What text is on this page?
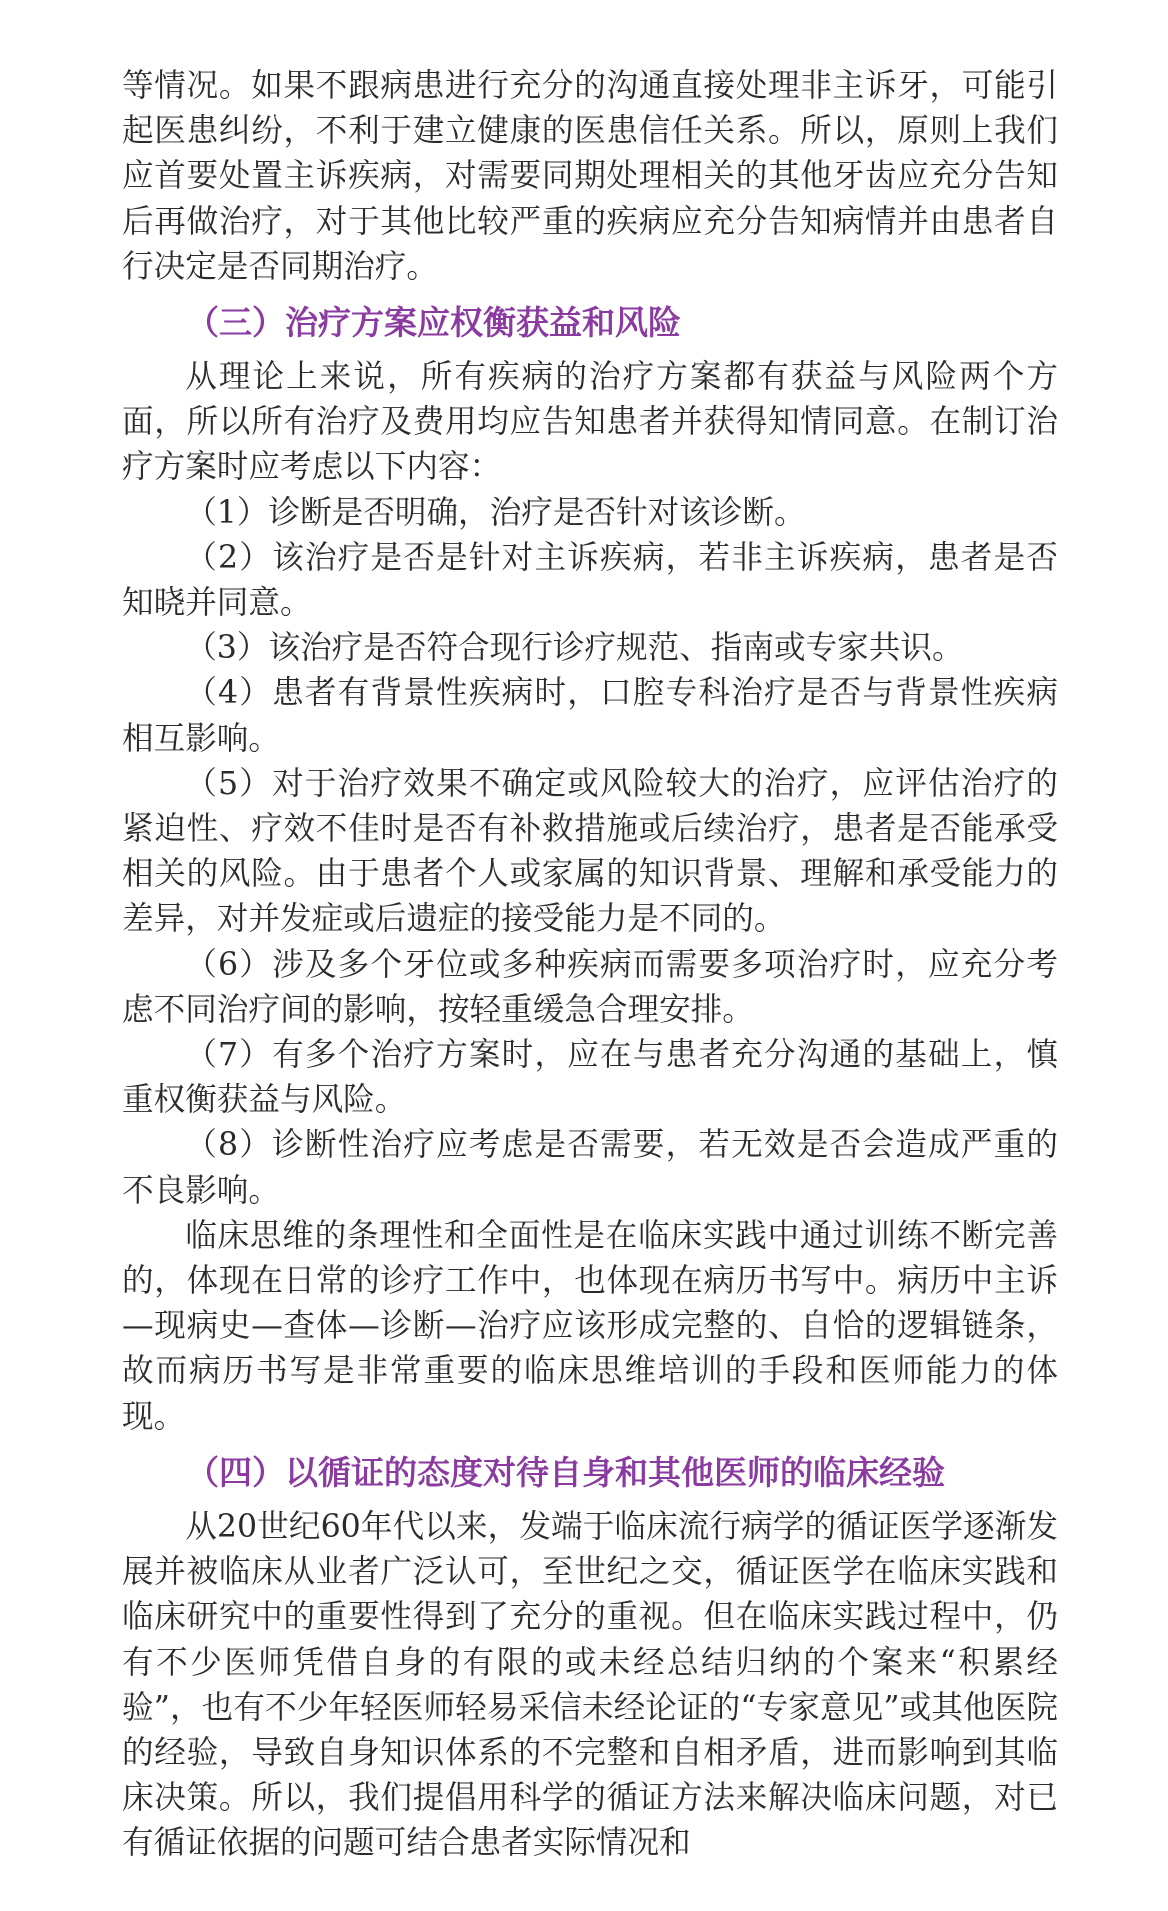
等情况。如果不跟病患进行充分的沟通直接处理非主诉牙，可能引起医患纠纷，不利于建立健康的医患信任关系。所以，原则上我们应首要处置主诉疾病，对需要同期处理相关的其他牙齿应充分告知后再做治疗，对于其他比较严重的疾病应充分告知病情并由患者自行决定是否同期治疗。

（三）治疗方案应权衡获益和风险

从理论上来说，所有疾病的治疗方案都有获益与风险两个方面，所以所有治疗及费用均应告知患者并获得知情同意。在制订治疗方案时应考虑以下内容：

（1）诊断是否明确，治疗是否针对该诊断。

（2）该治疗是否是针对主诉疾病，若非主诉疾病，患者是否知晓并同意。

（3）该治疗是否符合现行诊疗规范、指南或专家共识。

（4）患者有背景性疾病时，口腔专科治疗是否与背景性疾病相互影响。

（5）对于治疗效果不确定或风险较大的治疗，应评估治疗的紧迫性、疗效不佳时是否有补救措施或后续治疗，患者是否能承受相关的风险。由于患者个人或家属的知识背景、理解和承受能力的差异，对并发症或后遗症的接受能力是不同的。

（6）涉及多个牙位或多种疾病而需要多项治疗时，应充分考虑不同治疗间的影响，按轻重缓急合理安排。

（7）有多个治疗方案时，应在与患者充分沟通的基础上，慎重权衡获益与风险。

（8）诊断性治疗应考虑是否需要，若无效是否会造成严重的不良影响。

临床思维的条理性和全面性是在临床实践中通过训练不断完善的，体现在日常的诊疗工作中，也体现在病历书写中。病历中主诉—现病史—查体—诊断—治疗应该形成完整的、自恰的逻辑链条，故而病历书写是非常重要的临床思维培训的手段和医师能力的体现。

（四）以循证的态度对待自身和其他医师的临床经验

从20世纪60年代以来，发端于临床流行病学的循证医学逐渐发展并被临床从业者广泛认可，至世纪之交，循证医学在临床实践和临床研究中的重要性得到了充分的重视。但在临床实践过程中，仍有不少医师凭借自身的有限的或未经总结归纳的个案来“积累经验”，也有不少年轻医师轻易采信未经论证的“专家意见”或其他医院的经验，导致自身知识体系的不完整和自相矛盾，进而影响到其临床决策。所以，我们提倡用科学的循证方法来解决临床问题，对已有循证依据的问题可结合患者实际情况和
